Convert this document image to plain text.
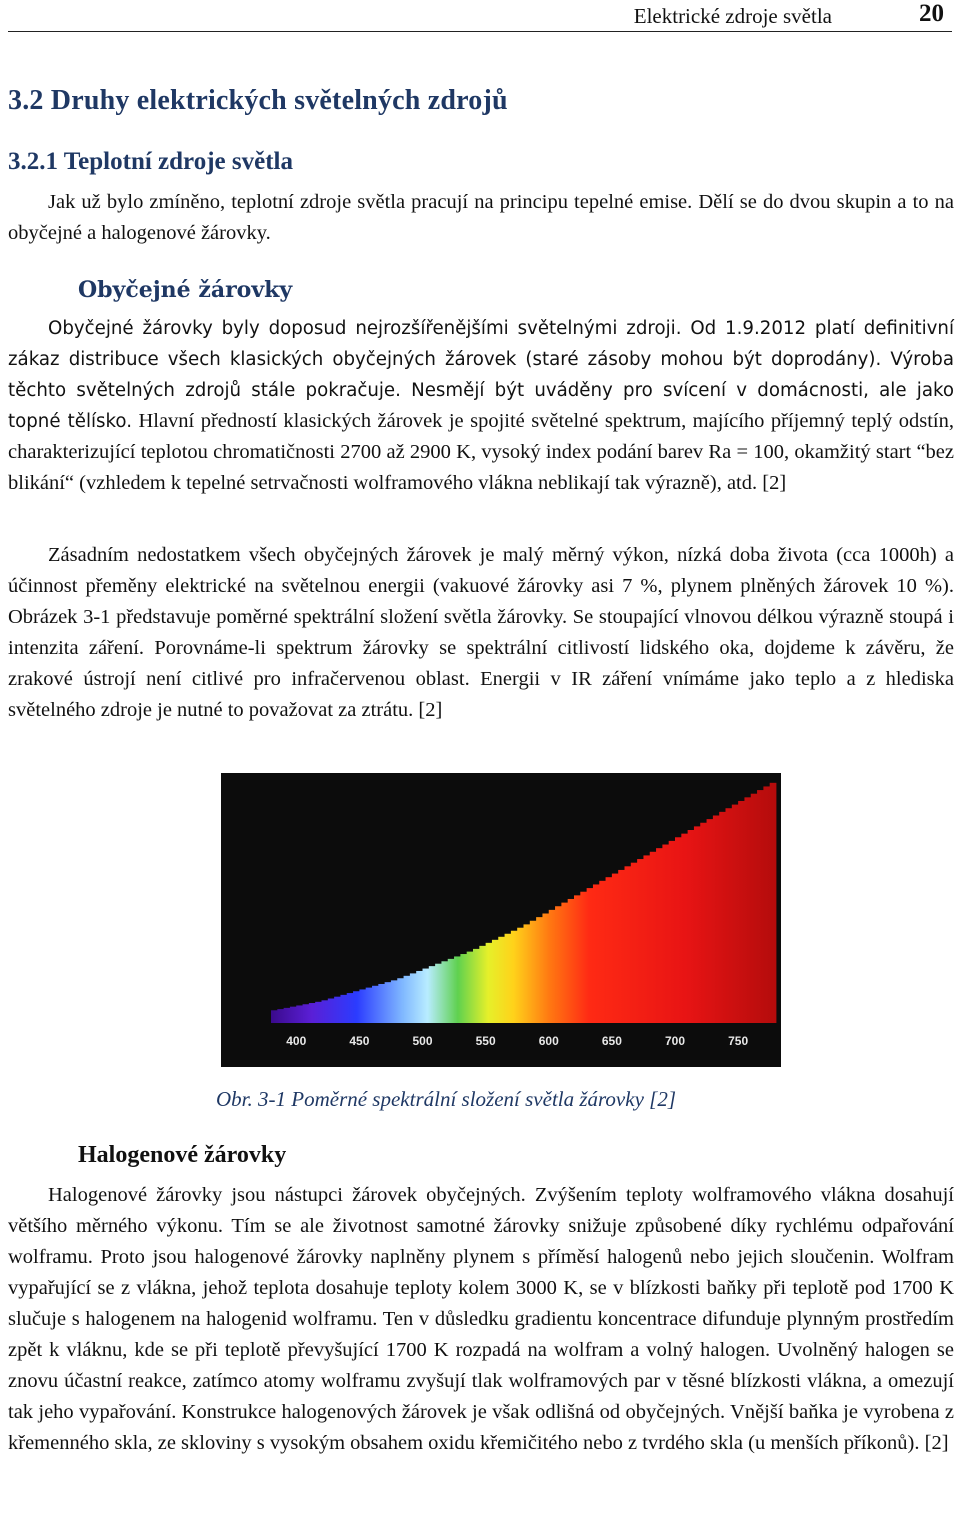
Elektrické zdroje světla	20
3.2 Druhy elektrických světelných zdrojů
3.2.1 Teplotní zdroje světla

Jak už bylo zmíněno, teplotní zdroje světla pracují na principu tepelné emise. Dělí se do dvou skupin a to na obyčejné a halogenové žárovky.

Obyčejné žárovky

Obyčejné žárovky byly doposud nejrozšířenějšími světelnými zdroji. Od 1.9.2012 platí definitivní zákaz distribuce všech klasických obyčejných žárovek (staré zásoby mohou být doprodány). Výroba těchto světelných zdrojů stále pokračuje. Nesmějí být uváděny pro svícení v domácnosti, ale jako topné tělísko. Hlavní předností klasických žárovek je spojité světelné spektrum, majícího příjemný teplý odstín, charakterizující teplotou chromatičnosti 2700 až 2900 K, vysoký index podání barev Ra = 100, okamžitý start “bez blikání“ (vzhledem k tepelné setrvačnosti wolframového vlákna neblikají tak výrazně), atd. [2]

Zásadním nedostatkem všech obyčejných žárovek je malý měrný výkon, nízká doba života (cca 1000h) a účinnost přeměny elektrické na světelnou energii (vakuové žárovky asi 7 %, plynem plněných žárovek 10 %). Obrázek 3-1 představuje poměrné spektrální složení světla žárovky. Se stoupající vlnovou délkou výrazně stoupá i intenzita záření. Porovnáme-li spektrum žárovky se spektrální citlivostí lidského oka, dojdeme k závěru, že zrakové ústrojí není citlivé pro infračervenou oblast. Energii v IR záření vnímáme jako teplo a z hlediska světelného zdroje je nutné to považovat za ztrátu. [2]

400	450	500	550	600	650	700	750

Obr. 3-1 Poměrné spektrální složení světla žárovky [2]

Halogenové žárovky

Halogenové žárovky jsou nástupci žárovek obyčejných. Zvýšením teploty wolframového vlákna dosahují většího měrného výkonu. Tím se ale životnost samotné žárovky snižuje způsobené díky rychlému odpařování wolframu. Proto jsou halogenové žárovky naplněny plynem s příměsí halogenů nebo jejich sloučenin. Wolfram vypařující se z vlákna, jehož teplota dosahuje teploty kolem 3000 K, se v blízkosti baňky při teplotě pod 1700 K slučuje s halogenem na halogenid wolframu. Ten v důsledku gradientu koncentrace difunduje plynným prostředím zpět k vláknu, kde se při teplotě převyšující 1700 K rozpadá na wolfram a volný halogen. Uvolněný halogen se znovu účastní reakce, zatímco atomy wolframu zvyšují tlak wolframových par v těsné blízkosti vlákna, a omezují tak jeho vypařování. Konstrukce halogenových žárovek je však odlišná od obyčejných. Vnější baňka je vyrobena z křemenného skla, ze skloviny s vysokým obsahem oxidu křemičitého nebo z tvrdého skla (u menších příkonů). [2]
